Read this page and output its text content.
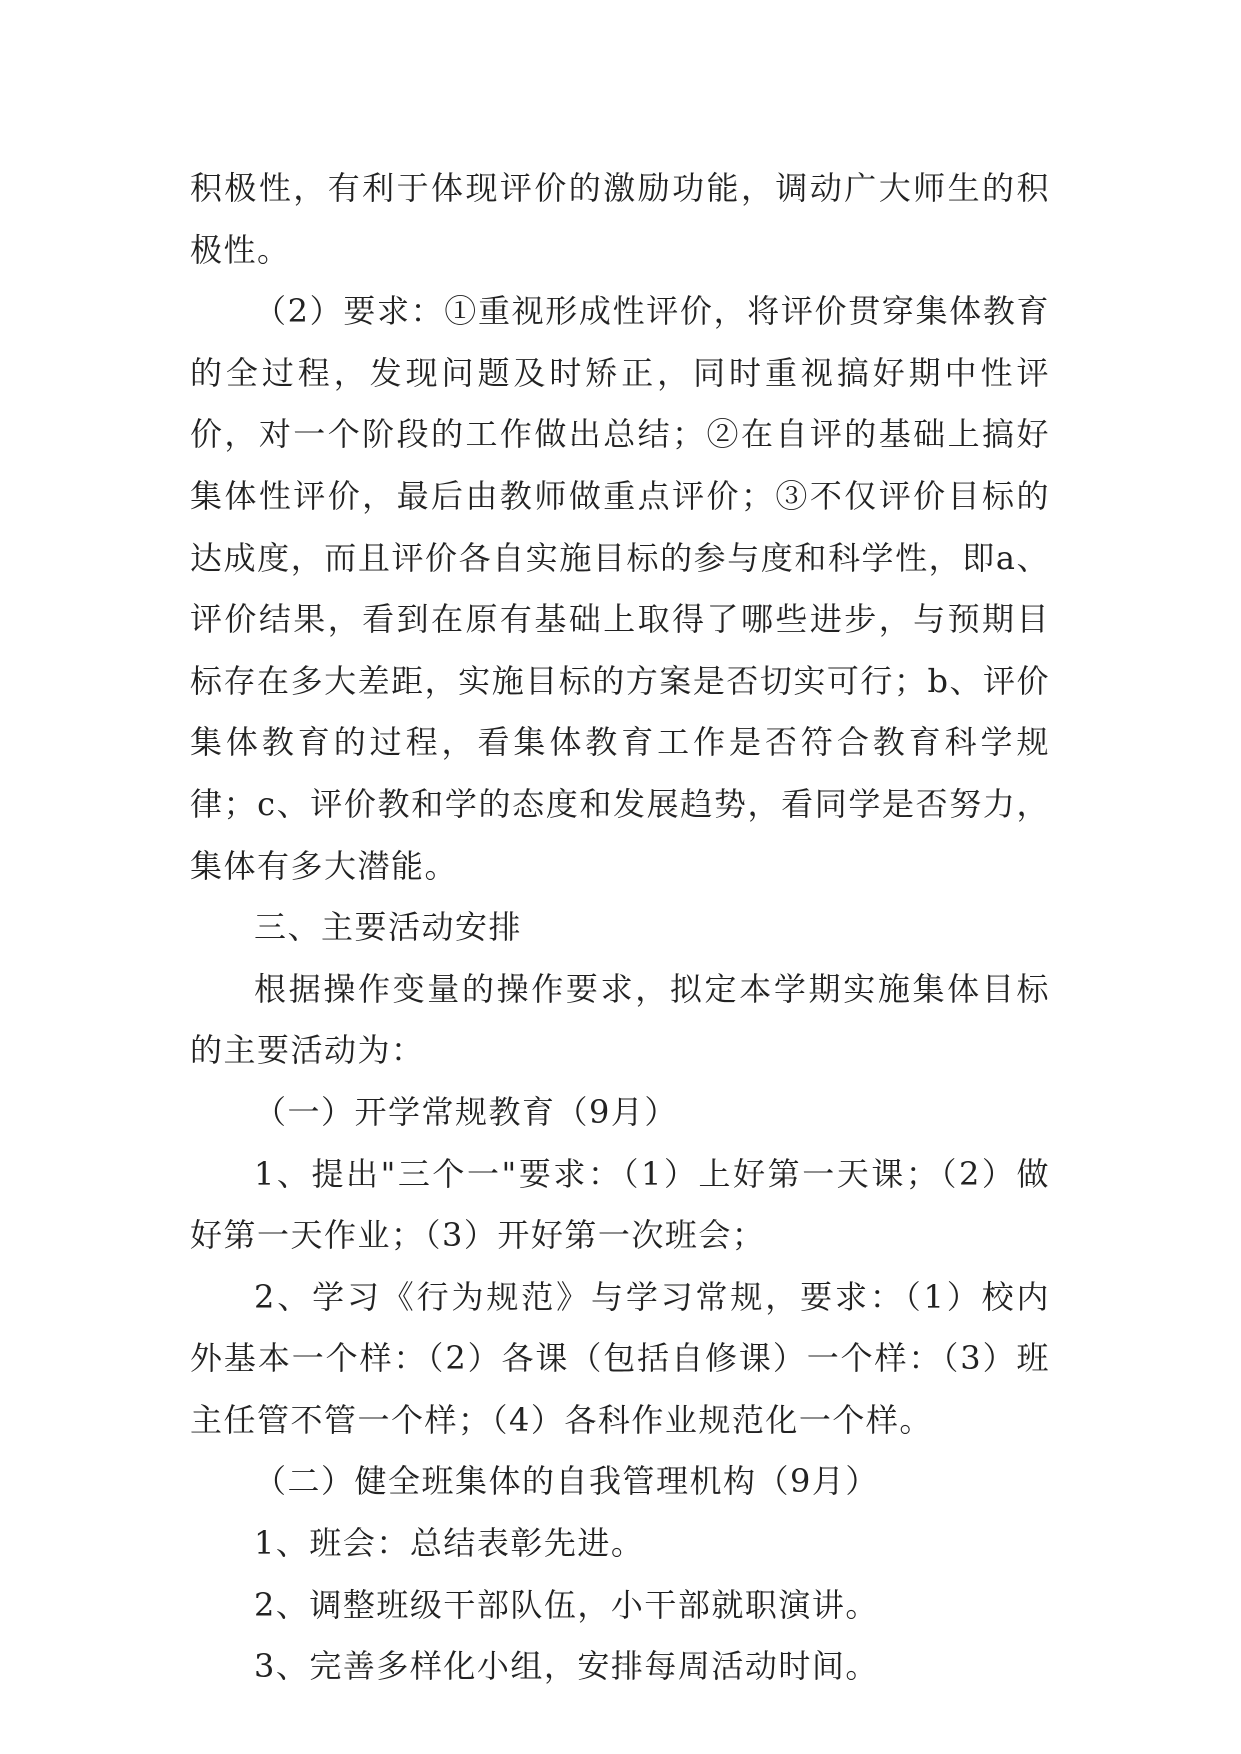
积极性，有利于体现评价的激励功能，调动广大师生的积极性。

（2）要求：①重视形成性评价，将评价贯穿集体教育的全过程，发现问题及时矫正，同时重视搞好期中性评价，对一个阶段的工作做出总结；②在自评的基础上搞好集体性评价，最后由教师做重点评价；③不仅评价目标的达成度，而且评价各自实施目标的参与度和科学性，即a、评价结果，看到在原有基础上取得了哪些进步，与预期目标存在多大差距，实施目标的方案是否切实可行；b、评价集体教育的过程，看集体教育工作是否符合教育科学规律；c、评价教和学的态度和发展趋势，看同学是否努力，集体有多大潜能。

三、主要活动安排

根据操作变量的操作要求，拟定本学期实施集体目标的主要活动为：

（一）开学常规教育（9月）

1、提出"三个一"要求：（1）上好第一天课；（2）做好第一天作业；（3）开好第一次班会；

2、学习《行为规范》与学习常规，要求：（1）校内外基本一个样：（2）各课（包括自修课）一个样：（3）班主任管不管一个样；（4）各科作业规范化一个样。

（二）健全班集体的自我管理机构（9月）

1、班会：总结表彰先进。

2、调整班级干部队伍，小干部就职演讲。

3、完善多样化小组，安排每周活动时间。
